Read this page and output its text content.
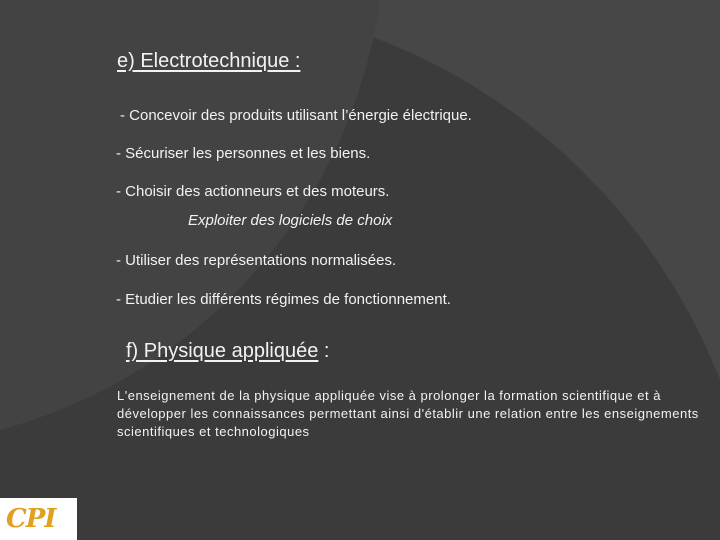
e) Electrotechnique :
- Concevoir des produits utilisant l’énergie électrique.
- Sécuriser les personnes et les biens.
- Choisir des actionneurs et des moteurs.
Exploiter des logiciels de choix
- Utiliser des représentations normalisées.
- Etudier les différents régimes de fonctionnement.
f) Physique appliquée :
L'enseignement de la physique appliquée vise à prolonger la formation scientifique et à développer les connaissances permettant ainsi d'établir une relation entre les enseignements scientifiques et technologiques
CPI
